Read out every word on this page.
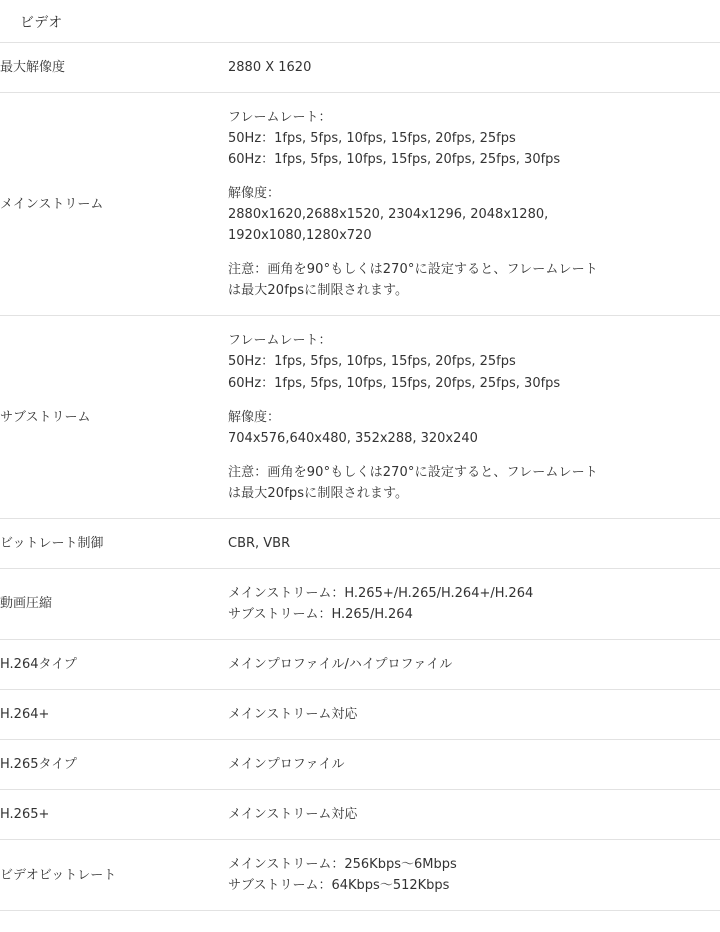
ビデオ
最大解像度	2880 X 1620

メインストリーム	
フレームレート：
50Hz：1fps, 5fps, 10fps, 15fps, 20fps, 25fps
60Hz：1fps, 5fps, 10fps, 15fps, 20fps, 25fps, 30fps
解像度：
2880x1620,2688x1520, 2304x1296, 2048x1280,
1920x1080,1280x720
注意：画角を90°もしくは270°に設定すると、フレームレート
は最大20fpsに制限されます。

サブストリーム	
フレームレート：
50Hz：1fps, 5fps, 10fps, 15fps, 20fps, 25fps
60Hz：1fps, 5fps, 10fps, 15fps, 20fps, 25fps, 30fps
解像度：
704x576,640x480, 352x288, 320x240
注意：画角を90°もしくは270°に設定すると、フレームレート
は最大20fpsに制限されます。

ビットレート制御	CBR, VBR

動画圧縮	メインストリーム：H.265+/H.265/H.264+/H.264
サブストリーム：H.265/H.264

H.264タイプ	メインプロファイル/ハイプロファイル

H.264+	メインストリーム対応

H.265タイプ	メインプロファイル

H.265+	メインストリーム対応

ビデオビットレート	メインストリーム：256Kbps〜6Mbps
サブストリーム：64Kbps〜512Kbps
